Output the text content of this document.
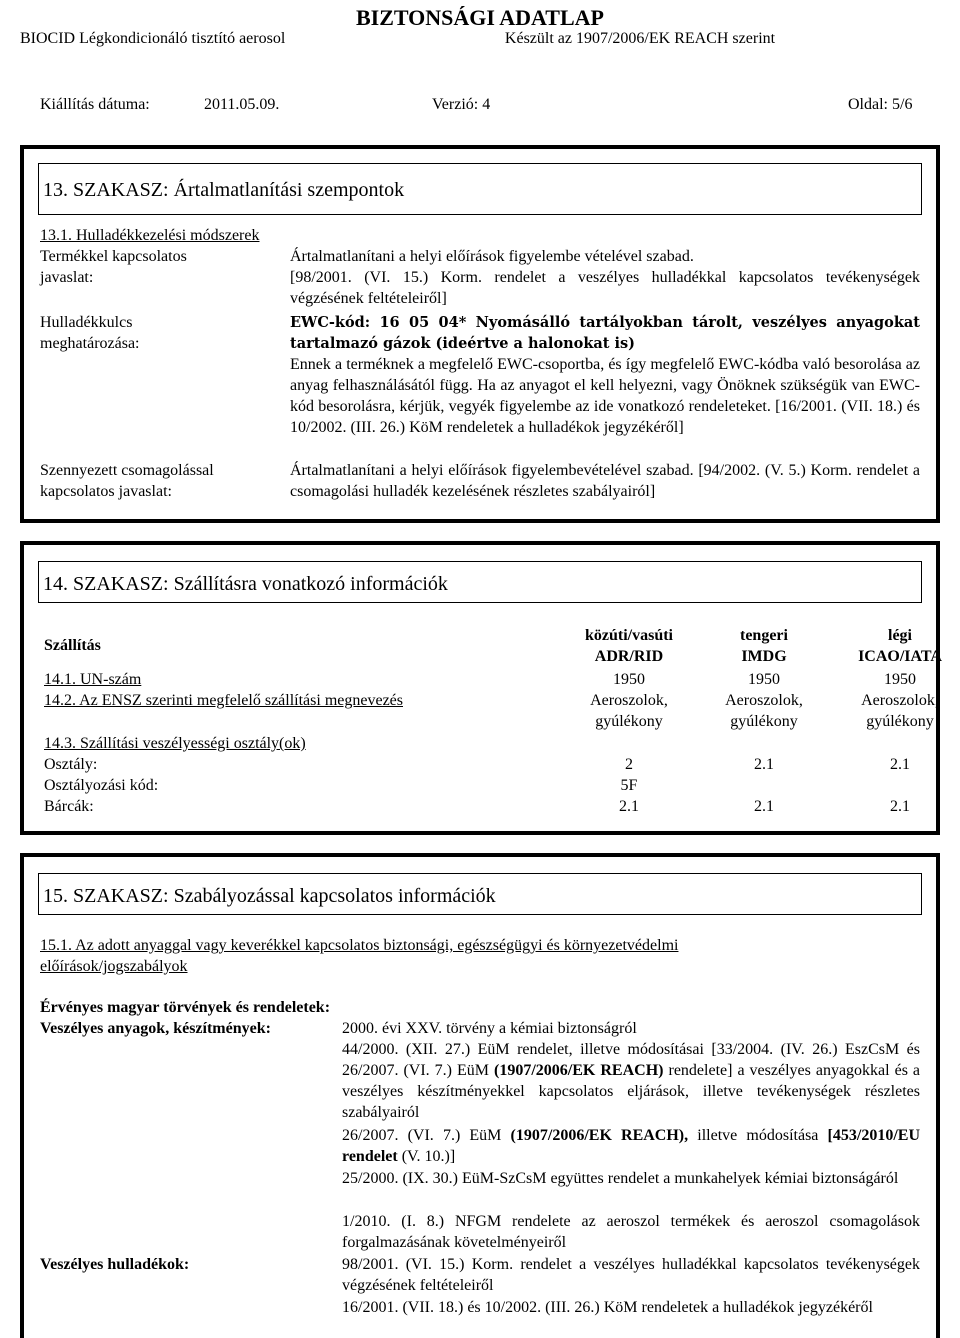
BIZTONSÁGI ADATLAP
BIOCID Légkondicionáló tisztító aerosol	Készült az 1907/2006/EK REACH szerint
Kiállítás dátuma:	2011.05.09.	Verzió: 4	Oldal: 5/6
13. SZAKASZ: Ártalmatlanítási szempontok
13.1. Hulladékkezelési módszerek
Termékkel kapcsolatos
javaslat:
Ártalmatlanítani a helyi előírások figyelembe vételével szabad.
[98/2001. (VI. 15.) Korm. rendelet a veszélyes hulladékkal kapcsolatos tevékenységek végzésének feltételeiről]
Hulladékkulcs
meghatározása:
EWC-kód: 16 05 04* Nyomásálló tartályokban tárolt, veszélyes anyagokat tartalmazó gázok (ideértve a halonokat is)
Ennek a terméknek a megfelelő EWC-csoportba, és így megfelelő EWC-kódba való besorolása az anyag felhasználásától függ. Ha az anyagot el kell helyezni, vagy Önöknek szükségük van EWC-kód besorolásra, kérjük, vegyék figyelembe az ide vonatkozó rendeleteket. [16/2001. (VII. 18.) és 10/2002. (III. 26.) KöM rendeletek a hulladékok jegyzékéről]
Szennyezett csomagolással
kapcsolatos javaslat:
Ártalmatlanítani a helyi előírások figyelembevételével szabad. [94/2002. (V. 5.) Korm. rendelet a csomagolási hulladék kezelésének részletes szabályairól]
14. SZAKASZ: Szállításra vonatkozó információk
Szállítás
közúti/vasúti	tengeri	légi
ADR/RID	IMDG	ICAO/IATA
14.1. UN-szám	1950	1950	1950
14.2. Az ENSZ szerinti megfelelő szállítási megnevezés	Aeroszolok,	Aeroszolok,	Aeroszolok,
gyúlékony	gyúlékony	gyúlékony
14.3. Szállítási veszélyességi osztály(ok)
Osztály:	2	2.1	2.1
Osztályozási kód:	5F
Bárcák:	2.1	2.1	2.1
15. SZAKASZ: Szabályozással kapcsolatos információk
15.1. Az adott anyaggal vagy keverékkel kapcsolatos biztonsági, egészségügyi és környezetvédelmi
előírások/jogszabályok
Érvényes magyar törvények és rendeletek:
Veszélyes anyagok, készítmények:	2000. évi XXV. törvény a kémiai biztonságról
44/2000. (XII. 27.) EüM rendelet, illetve módosításai [33/2004. (IV. 26.) EszCsM és 26/2007. (VI. 7.) EüM (1907/2006/EK REACH) rendelete] a veszélyes anyagokkal és a veszélyes készítményekkel kapcsolatos eljárások, illetve tevékenységek részletes szabályairól
26/2007. (VI. 7.) EüM (1907/2006/EK REACH), illetve módosítása [453/2010/EU rendelet (V. 10.)]
25/2000. (IX. 30.) EüM-SzCsM együttes rendelet a munkahelyek kémiai biztonságáról
1/2010. (I. 8.) NFGM rendelete az aeroszol termékek és aeroszol csomagolások forgalmazásának követelményeiről
Veszélyes hulladékok:	98/2001. (VI. 15.) Korm. rendelet a veszélyes hulladékkal kapcsolatos tevékenységek végzésének feltételeiről
16/2001. (VII. 18.) és 10/2002. (III. 26.) KöM rendeletek a hulladékok jegyzékéről
